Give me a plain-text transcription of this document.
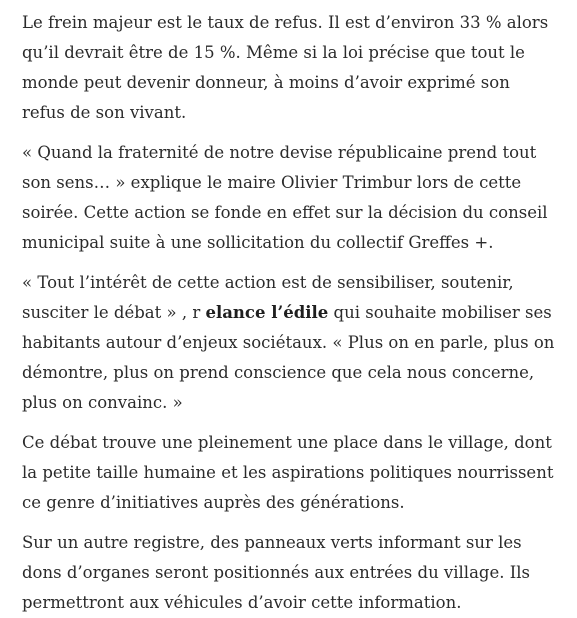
Le frein majeur est le taux de refus. Il est d’environ 33 % alors qu’il devrait être de 15 %. Même si la loi précise que tout le monde peut devenir donneur, à moins d’avoir exprimé son refus de son vivant.

« Quand la fraternité de notre devise républicaine prend tout son sens… » explique le maire Olivier Trimbur lors de cette soirée. Cette action se fonde en effet sur la décision du conseil municipal suite à une sollicitation du collectif Greffes +.

« Tout l’intérêt de cette action est de sensibiliser, soutenir, susciter le débat » , r elance l’édile qui souhaite mobiliser ses habitants autour d’enjeux sociétaux. « Plus on en parle, plus on démontre, plus on prend conscience que cela nous concerne, plus on convainc. »

Ce débat trouve une pleinement une place dans le village, dont la petite taille humaine et les aspirations politiques nourrissent ce genre d’initiatives auprès des générations.

Sur un autre registre, des panneaux verts informant sur les dons d’organes seront positionnés aux entrées du village. Ils permettront aux véhicules d’avoir cette information.
